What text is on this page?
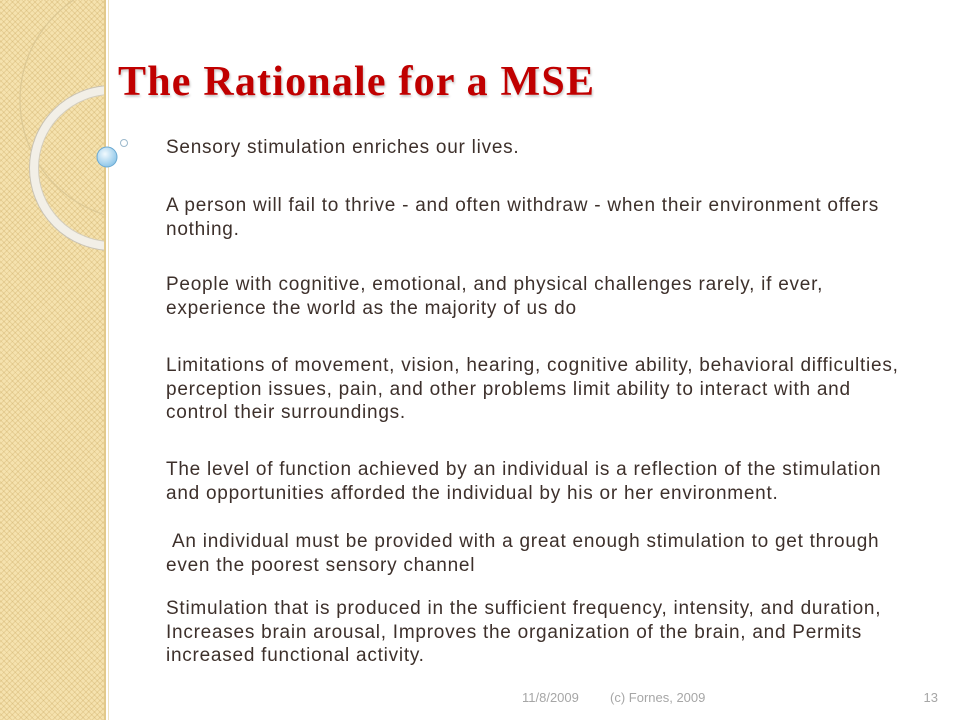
The Rationale for a MSE

Sensory stimulation enriches our lives.

A person will fail to thrive - and often withdraw - when their environment offers nothing.

People with cognitive, emotional, and physical challenges rarely, if ever, experience the world as the majority of us do

Limitations of movement, vision, hearing, cognitive ability, behavioral difficulties, perception issues, pain, and other problems limit ability to interact with and control their surroundings.

The level of function achieved by an individual is a reflection of the stimulation and opportunities afforded the individual by his or her environment.

An individual must be provided with a great enough stimulation to get through even the poorest sensory channel

Stimulation that is produced in the sufficient frequency, intensity, and duration, Increases brain arousal, Improves the organization of the brain, and Permits increased functional activity.

11/8/2009 (c) Fornes, 2009	13
